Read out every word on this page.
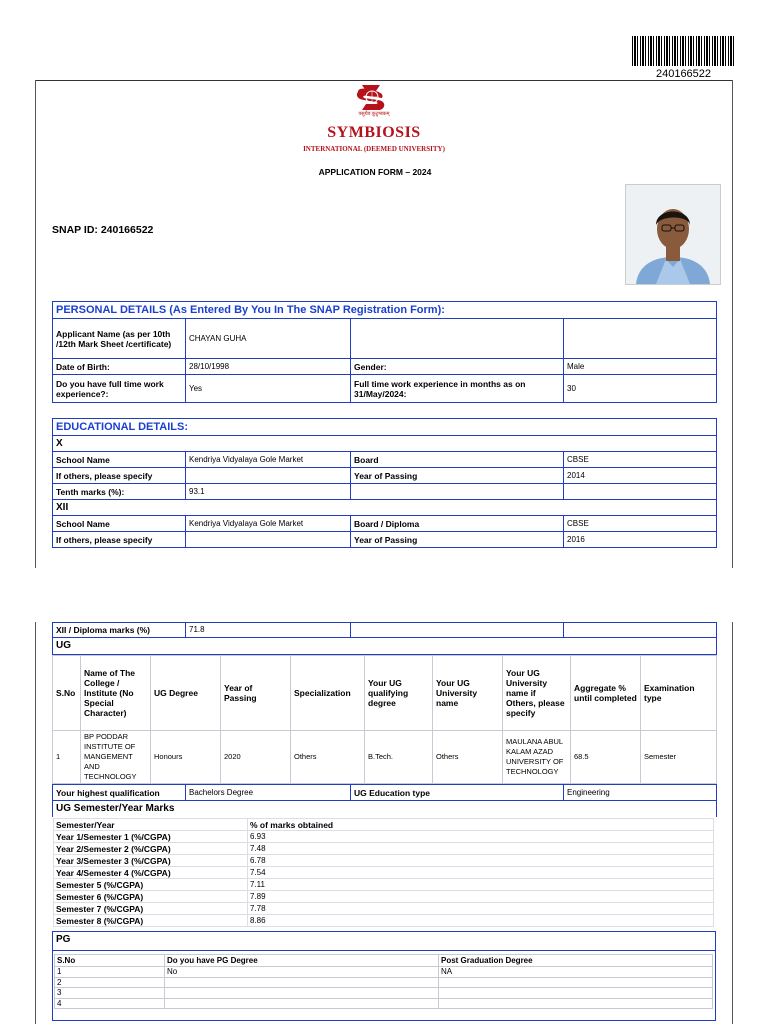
240166522
वसुधैव कुटुम्बकम्
SYMBIOSIS
INTERNATIONAL (DEEMED UNIVERSITY)
APPLICATION FORM – 2024
SNAP ID: 240166522
PERSONAL DETAILS (As Entered By You In The SNAP Registration Form):			
Applicant Name (as per 10th /12th Mark Sheet /certificate)	CHAYAN GUHA		
Date of Birth:	28/10/1998	Gender:	Male
Do you have full time work experience?:	Yes	Full time work experience in months as on 31/May/2024:	30
EDUCATIONAL DETAILS:			
X			
School Name	Kendriya Vidyalaya Gole Market	Board	CBSE
If others, please specify		Year of Passing	2014
Tenth marks (%):	93.1		
XII			
School Name	Kendriya Vidyalaya Gole Market	Board / Diploma	CBSE
If others, please specify		Year of Passing	2016
XII / Diploma marks (%)	71.8		
UG
S.No	Name of The College / Institute (No Special Character)	UG Degree	Year of Passing	Specialization	Your UG qualifying degree	Your UG University name	Your UG University name if Others, please specify	Aggregate % until completed	Examination type
1	BP PODDAR INSTITUTE OF MANGEMENT AND TECHNOLOGY	Honours	2020	Others	B.Tech.	Others	MAULANA ABUL KALAM AZAD UNIVERSITY OF TECHNOLOGY	68.5	Semester
Your highest qualification	Bachelors Degree	UG Education type	Engineering
UG Semester/Year Marks
Semester/Year	% of marks obtained
Year 1/Semester 1 (%/CGPA)	6.93
Year 2/Semester 2 (%/CGPA)	7.48
Year 3/Semester 3 (%/CGPA)	6.78
Year 4/Semester 4 (%/CGPA)	7.54
Semester 5 (%/CGPA)	7.11
Semester 6 (%/CGPA)	7.89
Semester 7 (%/CGPA)	7.78
Semester 8 (%/CGPA)	8.86
PG
S.No	Do you have PG Degree	Post Graduation Degree
1	No	NA
2		
3		
4		
